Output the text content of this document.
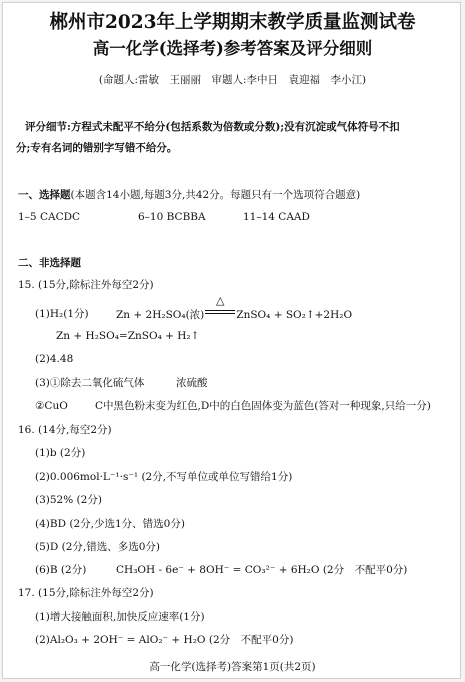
郴州市2023年上学期期末教学质量监测试卷
高一化学(选择考)参考答案及评分细则
(命题人:雷敏　王丽丽　审题人:李中日　袁迎福　李小江)
评分细节:方程式未配平不给分(包括系数为倍数或分数);没有沉淀或气体符号不扣
分;专有名词的错别字写错不给分。
一、选择题(本题含14小题,每题3分,共42分。每题只有一个选项符合题意)
1–5 CACDC	6–10 BCBBA	11–14 CAAD
二、非选择题
15. (15分,除标注外每空2分)
(1)H₂(1分)	Zn + 2H₂SO₄(浓)
△
ZnSO₄ + SO₂↑+2H₂O
Zn + H₂SO₄=ZnSO₄ + H₂↑
(2)4.48
(3)①除去二氧化硫气体	浓硫酸
②CuO	C中黑色粉末变为红色,D中的白色固体变为蓝色(答对一种现象,只给一分)
16. (14分,每空2分)
(1)b (2分)
(2)0.006mol·L⁻¹·s⁻¹ (2分,不写单位或单位写错给1分)
(3)52% (2分)
(4)BD (2分,少选1分、错选0分)
(5)D (2分,错选、多选0分)
(6)B (2分)	CH₃OH - 6e⁻ + 8OH⁻ = CO₃²⁻ + 6H₂O (2分　不配平0分)
17. (15分,除标注外每空2分)
(1)增大接触面积,加快反应速率(1分)
(2)Al₂O₃ + 2OH⁻ = AlO₂⁻ + H₂O (2分　不配平0分)
高一化学(选择考)答案第1页(共2页)
